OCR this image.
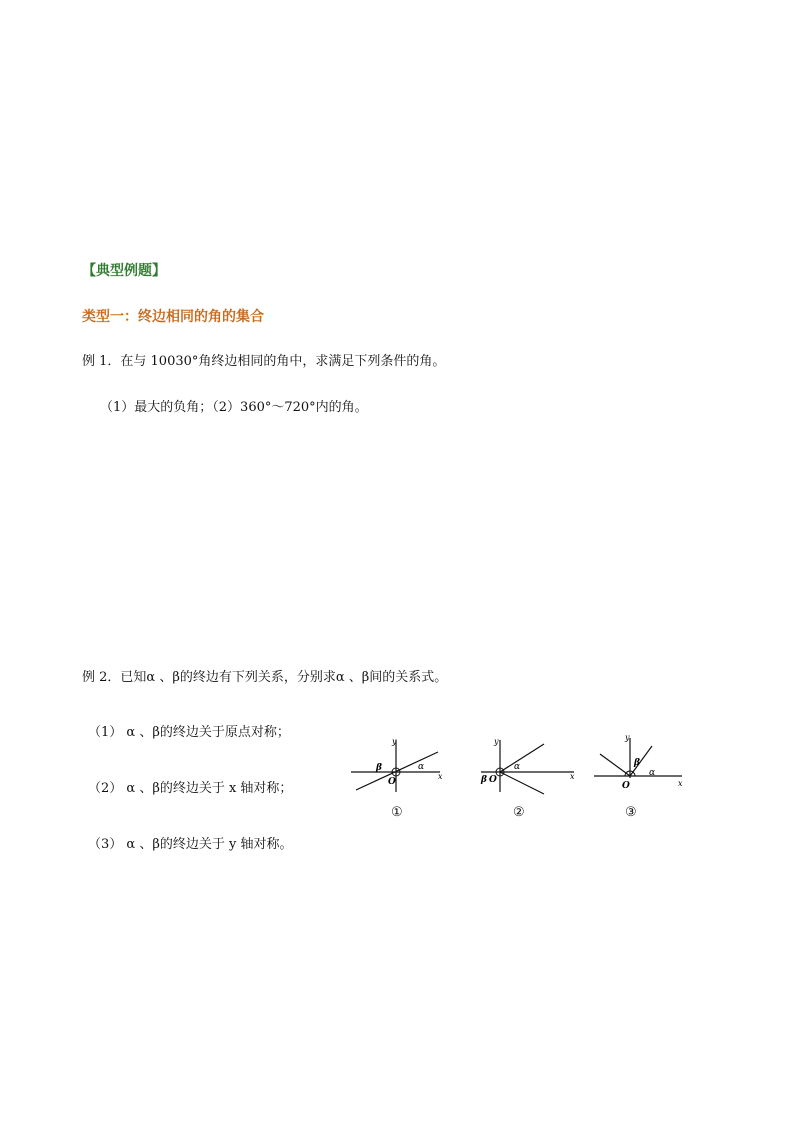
【典型例题】
类型一：终边相同的角的集合
例 1．在与 10030°角终边相同的角中，求满足下列条件的角。
（1）最大的负角；（2）360°～720°内的角。
例 2．已知α 、β的终边有下列关系，分别求α 、β间的关系式。
（1） α 、β的终边关于原点对称；
（2） α 、β的终边关于 x 轴对称；
（3） α 、β的终边关于 y 轴对称。
y
x
O
α
β
①
y
x
O
α
β
②
y
x
O
α
β
③
